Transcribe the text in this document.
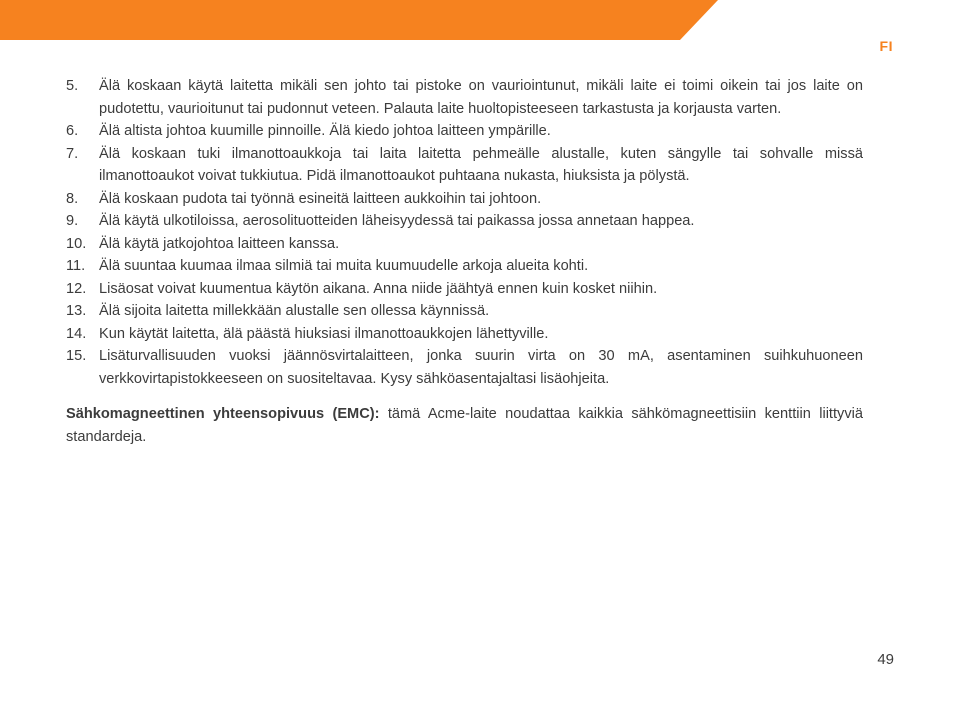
FI
5. Älä koskaan käytä laitetta mikäli sen johto tai pistoke on vauriointunut, mikäli laite ei toimi oikein tai jos laite on pudotettu, vaurioitunut tai pudonnut veteen. Palauta laite huoltopisteeseen tarkastusta ja korjausta varten.
6. Älä altista johtoa kuumille pinnoille. Älä kiedo johtoa laitteen ympärille.
7. Älä koskaan tuki ilmanottoaukkoja tai laita laitetta pehmeälle alustalle, kuten sängylle tai sohvalle missä ilmanottoaukot voivat tukkiutua. Pidä ilmanottoaukot puhtaana nukasta, hiuksista ja pölystä.
8. Älä koskaan pudota tai työnnä esineitä laitteen aukkoihin tai johtoon.
9. Älä käytä ulkotiloissa, aerosolituotteiden läheisyydessä tai paikassa jossa annetaan happea.
10. Älä käytä jatkojohtoa laitteen kanssa.
11. Älä suuntaa kuumaa ilmaa silmiä tai muita kuumuudelle arkoja alueita kohti.
12. Lisäosat voivat kuumentua käytön aikana. Anna niide jäähtyä ennen kuin kosket niihin.
13. Älä sijoita laitetta millekkään alustalle sen ollessa käynnissä.
14. Kun käytät laitetta, älä päästä hiuksiasi ilmanottoaukkojen lähettyville.
15. Lisäturvallisuuden vuoksi jäännösvirtalaitteen, jonka suurin virta on 30 mA, asentaminen suihkuhuoneen verkkovirtapistokkeeseen on suositeltavaa. Kysy sähköasentajaltasi lisäohjeita.

Sähkomagneettinen yhteensopivuus (EMC): tämä Acme-laite noudattaa kaikkia sähkömagneettisiin kenttiin liittyviä standardeja.

49
